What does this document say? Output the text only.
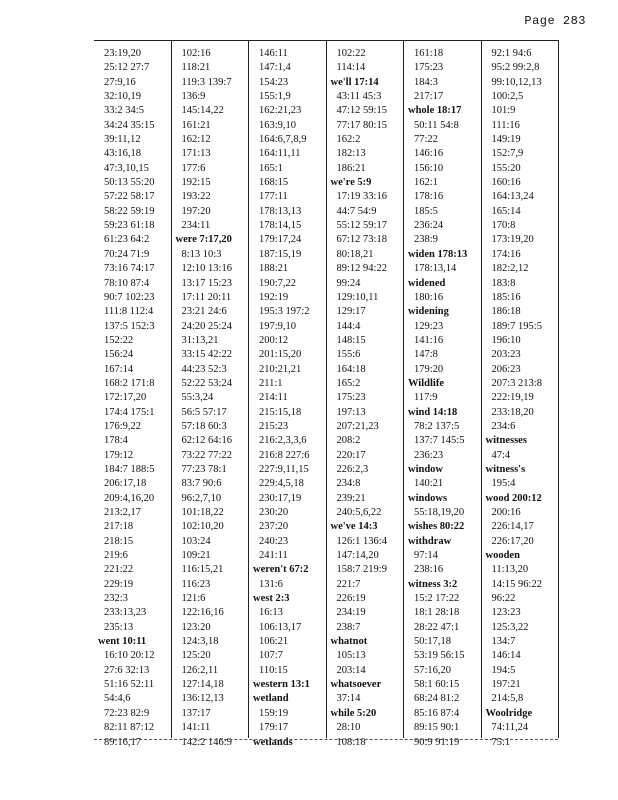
Page 283
23:19,20
25:12 27:7
27:9,16
32:10,19
33:2 34:5
34:24 35:15
39:11,12
43:16,18
47:3,10,15
50:13 55:20
57:22 58:17
58:22 59:19
59:23 61:18
61:23 64:2
70:24 71:9
73:16 74:17
78:10 87:4
90:7 102:23
111:8 112:4
137:5 152:3
152:22
156:24
167:14
168:2 171:8
172:17,20
174:4 175:1
176:9,22
178:4
179:12
184:7 188:5
206:17,18
209:4,16,20
213:2,17
217:18
218:15
219:6
221:22
229:19
232:3
233:13,23
235:13
went 10:11
16:10 20:12
27:6 32:13
51:16 52:11
54:4,6
72:23 82:9
82:11 87:12
89:16,17
102:16
118:21
119:3 139:7
136:9
145:14,22
161:21
162:12
171:13
177:6
192:15
193:22
197:20
234:11
were 7:17,20
8:13 10:3
12:10 13:16
13:17 15:23
17:11 20:11
23:21 24:6
24:20 25:24
31:13,21
33:15 42:22
44:23 52:3
52:22 53:24
55:3,24
56:5 57:17
57:18 60:3
62:12 64:16
73:22 77:22
77:23 78:1
83:7 90:6
96:2,7,10
101:18,22
102:10,20
103:24
109:21
116:15,21
116:23
121:6
122:16,16
123:20
124:3,18
125:20
126:2,11
127:14,18
136:12,13
137:17
141:11
142:2 146:9
146:11
147:1,4
154:23
155:1,9
162:21,23
163:9,10
164:6,7,8,9
164:11,11
165:1
168:15
177:11
178:13,13
178:14,15
179:17,24
187:15,19
188:21
190:7,22
192:19
195:3 197:2
197:9,10
200:12
201:15,20
210:21,21
211:1
214:11
215:15,18
215:23
216:2,3,3,6
216:8 227:6
227:9,11,15
229:4,5,18
230:17,19
230:20
237:20
240:23
241:11
weren't 67:2
131:6
west 2:3
16:13
106:13,17
106:21
107:7
110:15
western 13:1
wetland
159:19
179:17
wetlands
102:22
114:14
we'll 17:14
43:11 45:3
47:12 59:15
77:17 80:15
162:2
182:13
186:21
we're 5:9
17:19 33:16
44:7 54:9
55:12 59:17
67:12 73:18
80:18,21
89:12 94:22
99:24
129:10,11
129:17
144:4
148:15
155:6
164:18
165:2
175:23
197:13
207:21,23
208:2
220:17
226:2,3
234:8
239:21
240:5,6,22
we've 14:3
126:1 136:4
147:14,20
158:7 219:9
221:7
226:19
234:19
238:7
whatnot
105:13
203:14
whatsoever
37:14
while 5:20
28:10
108:18
161:18
175:23
184:3
217:17
whole 18:17
50:11 54:8
77:22
146:16
156:10
162:1
178:16
185:5
236:24
238:9
widen 178:13
178:13,14
widened
180:16
widening
129:23
141:16
147:8
179:20
Wildlife
117:9
wind 14:18
78:2 137:5
137:7 145:5
236:23
window
140:21
windows
55:18,19,20
wishes 80:22
withdraw
97:14
238:16
witness 3:2
15:2 17:22
18:1 28:18
28:22 47:1
50:17,18
53:19 56:15
57:16,20
58:1 60:15
68:24 81:2
85:16 87:4
89:15 90:1
90:9 91:19
92:1 94:6
95:2 99:2,8
99:10,12,13
100:2,5
101:9
111:16
149:19
152:7,9
155:20
160:16
164:13,24
165:14
170:8
173:19,20
174:16
182:2,12
183:8
185:16
186:18
189:7 195:5
196:10
203:23
206:23
207:3 213:8
222:19,19
233:18,20
234:6
witnesses
47:4
witness's
195:4
wood 200:12
200:16
226:14,17
226:17,20
wooden
11:13,20
14:15 96:22
96:22
123:23
125:3,22
134:7
146:14
194:5
197:21
214:5,8
Woolridge
74:11,24
75:1
